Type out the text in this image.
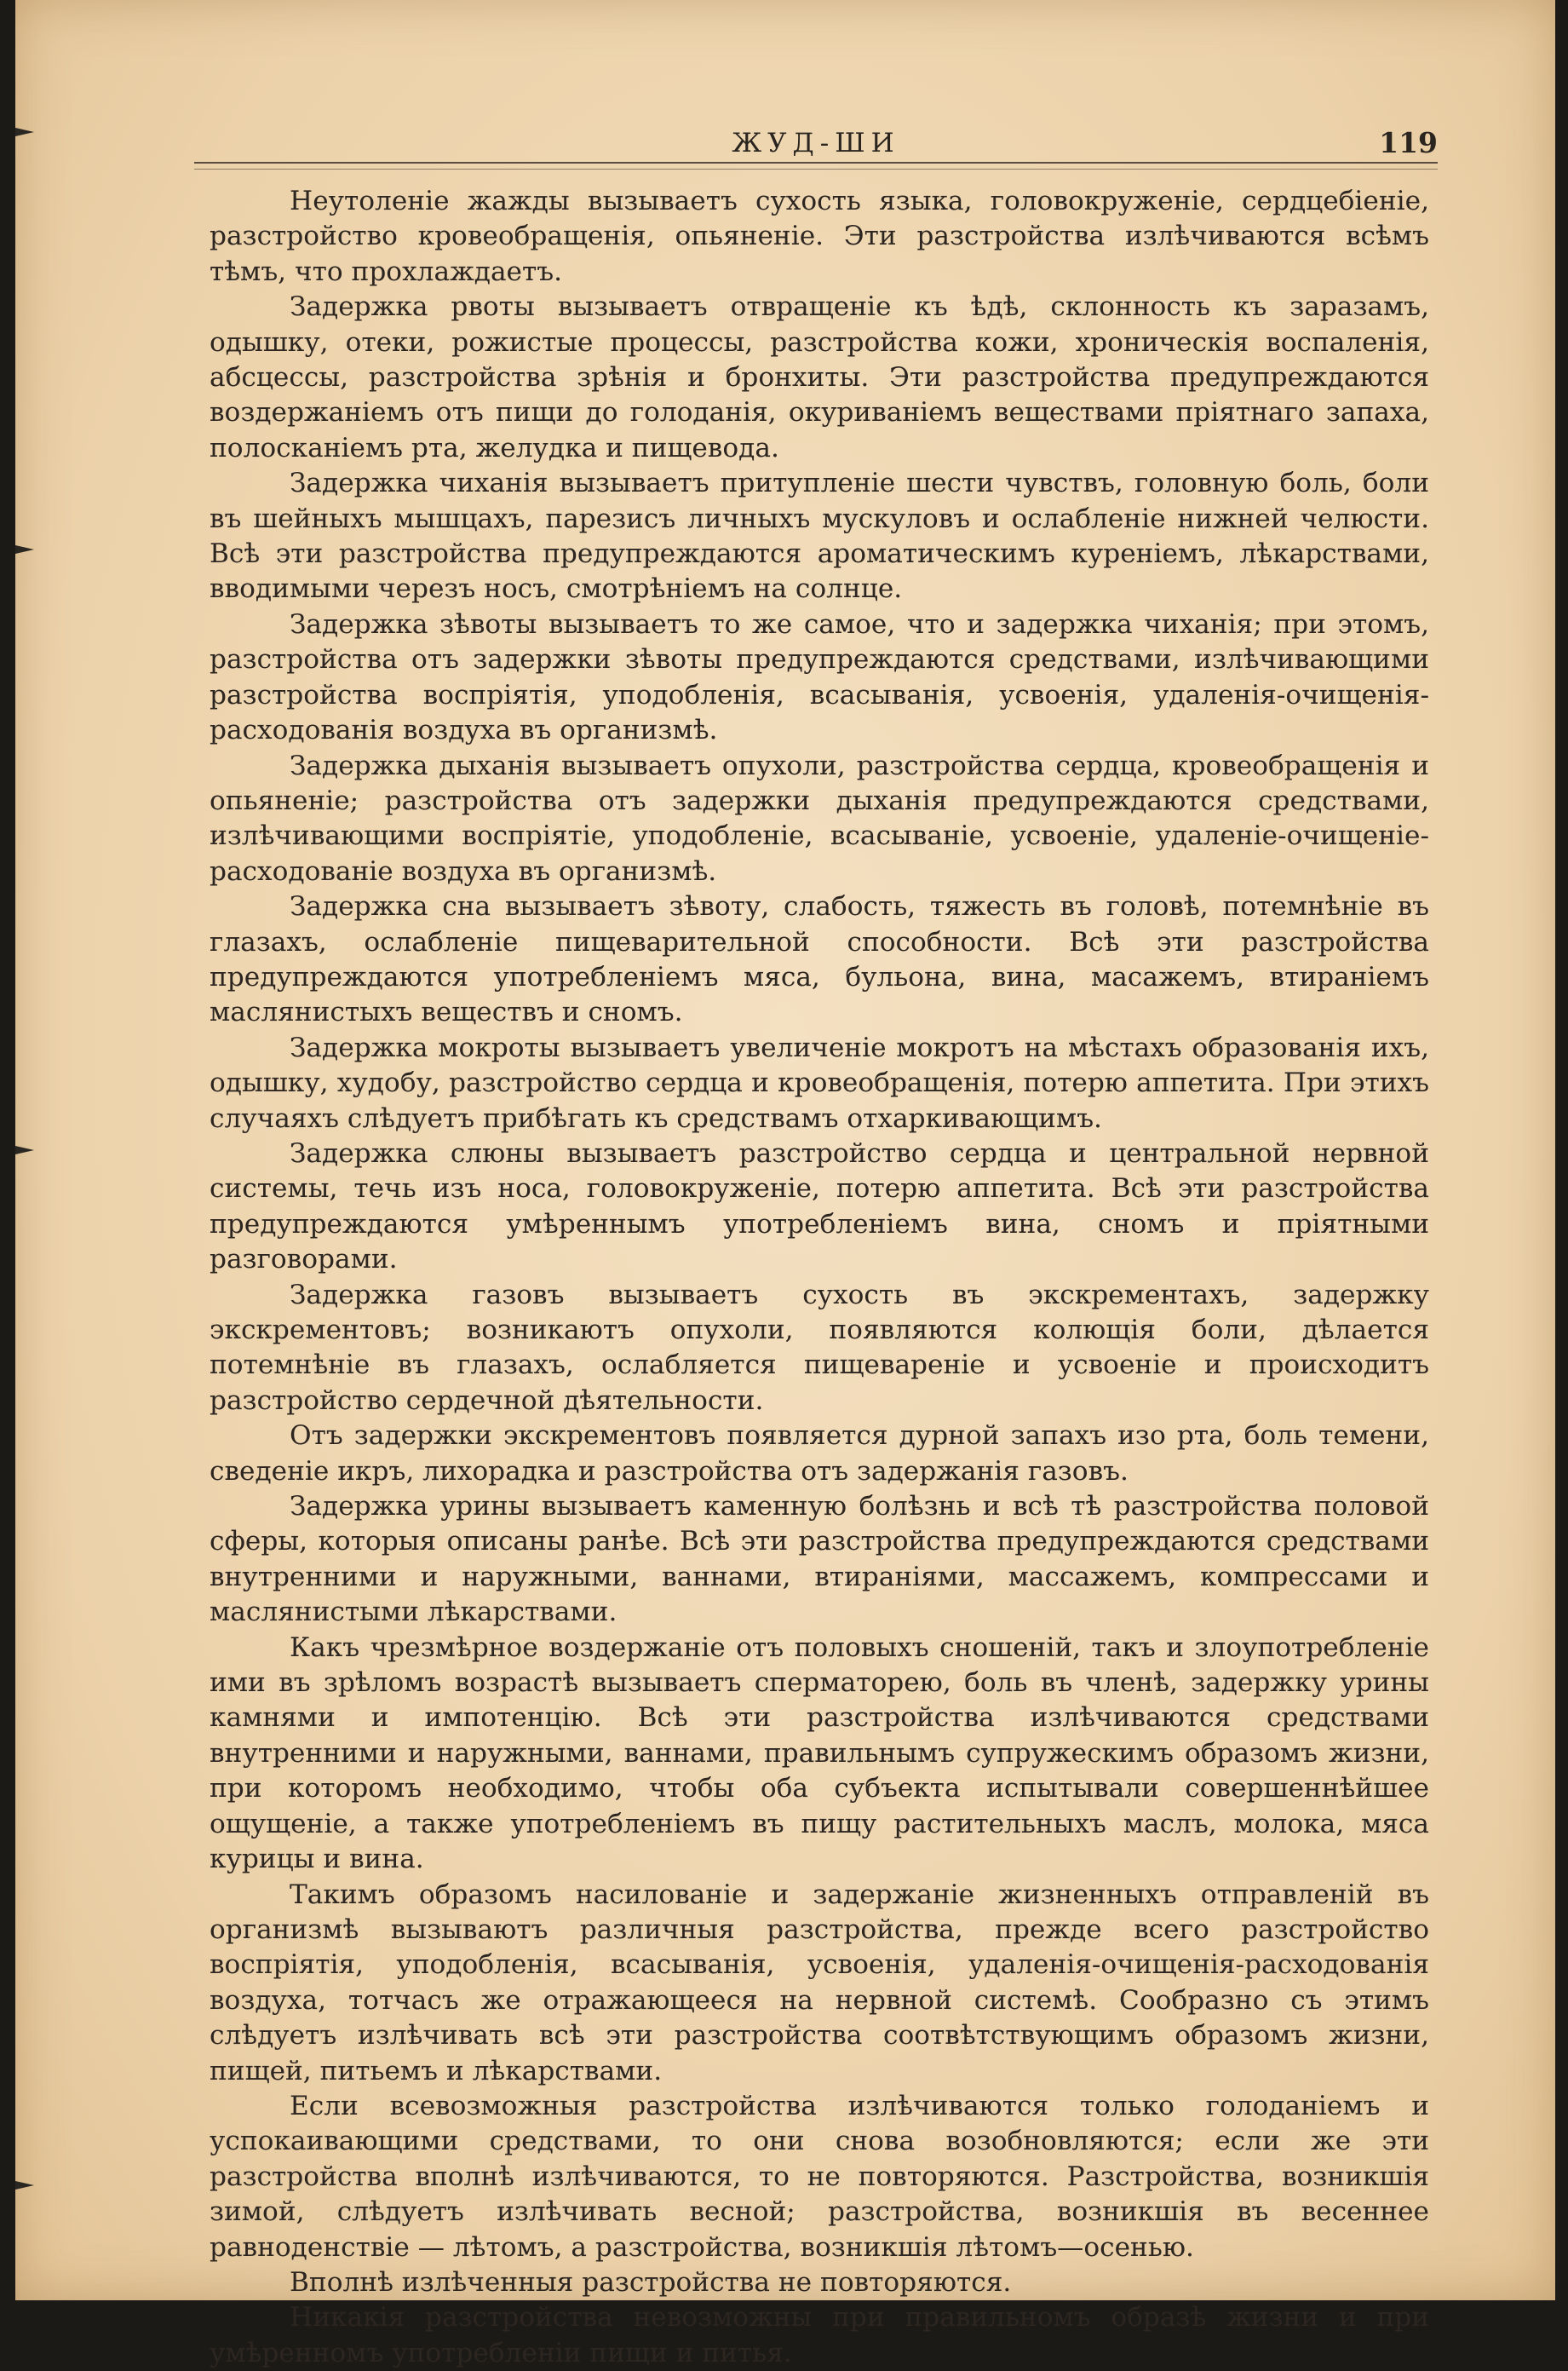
ЖУД-ШИ	119

Неутоленіе жажды вызываетъ сухость языка, головокруженіе, сердцебіеніе, разстройство кровеобращенія, опьяненіе. Эти разстройства излѣчиваются всѣмъ тѣмъ, что прохлаждаетъ.

Задержка рвоты вызываетъ отвращеніе къ ѣдѣ, склонность къ заразамъ, одышку, отеки, рожистые процессы, разстройства кожи, хроническія воспаленія, абсцессы, разстройства зрѣнія и бронхиты. Эти разстройства предупреждаются воздержаніемъ отъ пищи до голоданія, окуриваніемъ веществами пріятнаго запаха, полосканіемъ рта, желудка и пищевода.

Задержка чиханія вызываетъ притупленіе шести чувствъ, головную боль, боли въ шейныхъ мышцахъ, парезисъ личныхъ мускуловъ и ослабленіе нижней челюсти. Всѣ эти разстройства предупреждаются ароматическимъ куреніемъ, лѣкарствами, вводимыми черезъ носъ, смотрѣніемъ на солнце.

Задержка зѣвоты вызываетъ то же самое, что и задержка чиханія; при этомъ, разстройства отъ задержки зѣвоты предупреждаются средствами, излѣчивающими разстройства воспріятія, уподобленія, всасыванія, усвоенія, удаленія-очищенія-расходованія воздуха въ организмѣ.

Задержка дыханія вызываетъ опухоли, разстройства сердца, кровеобращенія и опьяненіе; разстройства отъ задержки дыханія предупреждаются средствами, излѣчивающими воспріятіе, уподобленіе, всасываніе, усвоеніе, удаленіе-очищеніе-расходованіе воздуха въ организмѣ.

Задержка сна вызываетъ зѣвоту, слабость, тяжесть въ головѣ, потемнѣніе въ глазахъ, ослабленіе пищеварительной способности. Всѣ эти разстройства предупреждаются употребленіемъ мяса, бульона, вина, масажемъ, втираніемъ маслянистыхъ веществъ и сномъ.

Задержка мокроты вызываетъ увеличеніе мокротъ на мѣстахъ образованія ихъ, одышку, худобу, разстройство сердца и кровеобращенія, потерю аппетита. При этихъ случаяхъ слѣдуетъ прибѣгать къ средствамъ отхаркивающимъ.

Задержка слюны вызываетъ разстройство сердца и центральной нервной системы, течь изъ носа, головокруженіе, потерю аппетита. Всѣ эти разстройства предупреждаются умѣреннымъ употребленіемъ вина, сномъ и пріятными разговорами.

Задержка газовъ вызываетъ сухость въ экскрементахъ, задержку экскрементовъ; возникаютъ опухоли, появляются колющія боли, дѣлается потемнѣніе въ глазахъ, ослабляется пищевареніе и усвоеніе и происходитъ разстройство сердечной дѣятельности.

Отъ задержки экскрементовъ появляется дурной запахъ изо рта, боль темени, сведеніе икръ, лихорадка и разстройства отъ задержанія газовъ.

Задержка урины вызываетъ каменную болѣзнь и всѣ тѣ разстройства половой сферы, которыя описаны ранѣе. Всѣ эти разстройства предупреждаются средствами внутренними и наружными, ваннами, втираніями, массажемъ, компрессами и маслянистыми лѣкарствами.

Какъ чрезмѣрное воздержаніе отъ половыхъ сношеній, такъ и злоупотребленіе ими въ зрѣломъ возрастѣ вызываетъ сперматорею, боль въ членѣ, задержку урины камнями и импотенцію. Всѣ эти разстройства излѣчиваются средствами внутренними и наружными, ваннами, правильнымъ супружескимъ образомъ жизни, при которомъ необходимо, чтобы оба субъекта испытывали совершеннѣйшее ощущеніе, а также употребленіемъ въ пищу растительныхъ маслъ, молока, мяса курицы и вина.

Такимъ образомъ насилованіе и задержаніе жизненныхъ отправленій въ организмѣ вызываютъ различныя разстройства, прежде всего разстройство воспріятія, уподобленія, всасыванія, усвоенія, удаленія-очищенія-расходованія воздуха, тотчасъ же отражающееся на нервной системѣ. Сообразно съ этимъ слѣдуетъ излѣчивать всѣ эти разстройства соотвѣтствующимъ образомъ жизни, пищей, питьемъ и лѣкарствами.

Если всевозможныя разстройства излѣчиваются только голоданіемъ и успокаивающими средствами, то они снова возобновляются; если же эти разстройства вполнѣ излѣчиваются, то не повторяются. Разстройства, возникшія зимой, слѣдуетъ излѣчивать весной; разстройства, возникшія въ весеннее равноденствіе — лѣтомъ, а разстройства, возникшія лѣтомъ—осенью.

Вполнѣ излѣченныя разстройства не повторяются.

Никакія разстройства невозможны при правильномъ образѣ жизни и при умѣренномъ употребленіи пищи и питья.
